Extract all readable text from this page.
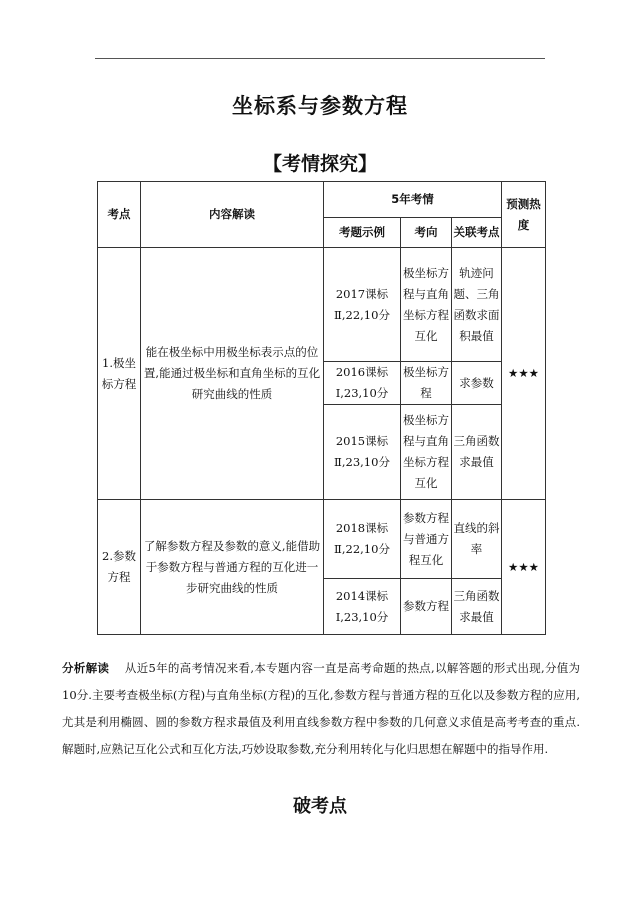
坐标系与参数方程
【考情探究】
考点	内容解读	5年考情			预测热度
		考题示例	考向	关联考点	
1.极坐标方程	能在极坐标中用极坐标表示点的位置,能通过极坐标和直角坐标的互化研究曲线的性质	2017课标Ⅱ,22,10分	极坐标方程与直角坐标方程互化	轨迹问题、三角函数求面积最值	★★★
		2016课标Ⅰ,23,10分	极坐标方程	求参数	
		2015课标Ⅱ,23,10分	极坐标方程与直角坐标方程互化	三角函数求最值	
2.参数方程	了解参数方程及参数的意义,能借助于参数方程与普通方程的互化进一步研究曲线的性质	2018课标Ⅱ,22,10分	参数方程与普通方程互化	直线的斜率	★★★
		2014课标Ⅰ,23,10分	参数方程	三角函数求最值	
分析解读 从近5年的高考情况来看,本专题内容一直是高考命题的热点,以解答题的形式出现,分值为10分.主要考查极坐标(方程)与直角坐标(方程)的互化,参数方程与普通方程的互化以及参数方程的应用,尤其是利用椭圆、圆的参数方程求最值及利用直线参数方程中参数的几何意义求值是高考考查的重点.解题时,应熟记互化公式和互化方法,巧妙设取参数,充分利用转化与化归思想在解题中的指导作用.
破考点
